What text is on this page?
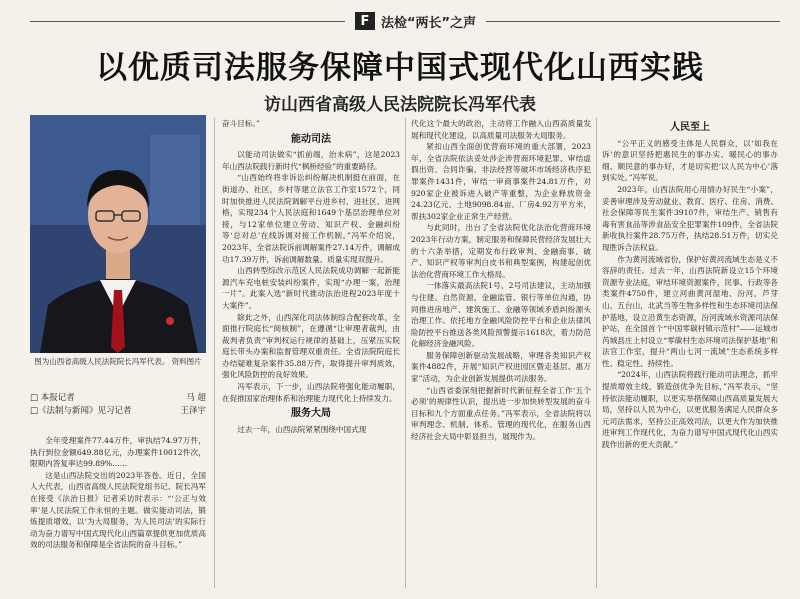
F 法检“两长”之声
以优质司法服务保障中国式现代化山西实践
访山西省高级人民法院院长冯军代表
图为山西省高级人民法院院长冯军代表。 资料图片
□ 本报记者	马 超
□《法制与新闻》见习记者	王泽宇

全年受理案件77.44万件，审执结74.97万件，执行到位金额649.88亿元，办理案件10012件次，限期内答复率达99.89%……

这是山西法院交出的2023年答卷。近日，全国人大代表，山西省高级人民法院党组书记、院长冯军在接受《法治日报》记者采访时表示：“‘公正与效率’是人民法院工作永恒的主题。做实能动司法，锻炼提质增效，以‘为大局服务，为人民司法’的实际行动为奋力谱写中国式现代化山西篇章提供更加优质高效的司法服务和保障是全省法院的奋斗目标。”

奋斗目标。”

能动司法

以能动司法做实“抓前端，治未病”，这是2023年山西法院践行新时代“枫桥经验”的重要路径。

“山西始终将非诉讼纠纷解决机制挺在前面，在街道办、社区，乡村等建立法官工作室1572个，同时加快推进人民法院调解平台进乡村、进社区、进网格，实现234个人民法庭和1649个基层治理单位对接，与12家单位建立劳动、知识产权、金融纠纷等‘总对总’在线诉调对接工作机制。”冯军介绍说，2023年，全省法院诉前调解案件27.14万件，调解成功17.39万件，诉前调解数量、质量实现双提升。

山西转型综改示范区人民法院成功调解一起新能源汽车充电桩安装纠纷案件，实现“办理一案，治理一片”。此案入选“新时代推动法治进程2023年度十大案件”。

除此之外，山西深化司法体制综合配套改革，全面推行院庭长“阅核制”，在遵循“让审理者裁判，由裁判者负责”审判权运行规律的基础上，压紧压实院庭长带头办案和监督管理双重责任。全省法院院庭长办结疑难复杂案件35.88万件，取得提升审判质效，强化风险防控的良好效果。

冯军表示，下一步，山西法院将强化能动履职，在促推国家治理体系和治理能力现代化上持续发力。

服务大局

过去一年，山西法院紧紧围绕中国式现

代化这个最大的政治，主动将工作融入山西高质量发展和现代化建设，以高质量司法服务大局服务。

紧扣山西全面创优营商环境的重大部署，2023年，全省法院依法妥处涉企涉营商环境犯罪、审结虚假出资、合同诈骗、非法经营等破坏市场经济秩序犯罪案件1431件，审结一审商事案件24.81万件，对920家企业被诉进入破产等重整，为企业释放资金24.23亿元、土地9098.84亩、厂房4.92万平方米，帮扶302家企业正常生产经营。

与此同时，出台了全省法院优化法治化营商环境2023年行动方案，制定服务和保障民营经济发展壮大的十六条举措，定期发布行政审判、金融商事、破产、知识产权等审判白皮书和典型案例，构建起创优法治化营商环境工作大格局。

一体落实最高法院1号、2号司法建议，主动加强与住建、自然资源、金融监管、银行等单位沟通，协同推进房地产、建筑施工、金融等领域矛盾纠纷源头治理工作。依托地方金融风险防控平台和企业法律风险防控平台推送各类风险预警提示1618次，着力防范化解经济金融风险。

服务保障创新驱动发展战略，审理各类知识产权案件4882件，开展“知识产权进园区暨走基层、惠万家”活动，为企业创新发展提供司法服务。

“山西省委深刻把握新时代新征程全省工作‘五个必须’的规律性认识，提出进一步加快转型发展的奋斗目标和九个方面重点任务。”冯军表示，全省法院将以审判理念、机制、体系、管理的现代化，在服务山西经济社会大局中彰显担当，展现作为。

人民至上

“公平正义的感受主体是人民群众，以‘如我在诉’的意识坚持把惠民生的事办实、暖民心的事办细、顺民意的事办好，才是切实把‘以人民为中心’落到实处。”冯军说。

2023年，山西法院用心用情办好民生“小案”，妥善审理涉及劳动就业、教育、医疗、住房、消费、社会保障等民生案件39107件，审结生产、销售有毒有害食品等涉食品安全犯罪案件109件，全省法院新收执行案件28.75万件，执结28.51万件，切实兑现胜诉合法权益。

作为黄河流域省份，保护好黄河流域生态是义不容辞的责任。过去一年，山西法院新设立15个环境资源专业法庭，审结环境资源案件，民事、行政等各类案件4750件，建立河曲黄河湿地、汾河，芦芽山、五台山，北武当等生物多样性和生态环境司法保护基地，设立沿黄生态资源，汾河流域水资源司法保护站，在全国首个“中国零碳村镇示范村”——运城市芮城县庄上村设立“零碳村生态环境司法保护基地”和法官工作室，提升“两山七河一流域”生态系统多样性、稳定性、持续性。

“2024年，山西法院将践行能动司法理念，抓牢提质增效主线，锻造创优争先目标，”冯军表示，“坚持依法能动履职，以更实举措保障山西高质量发展大局，坚持以人民为中心，以更优服务满足人民群众多元司法需求，坚持公正高效司法，以更大作为加快推进审判工作现代化，为奋力谱写中国式现代化山西实践作出新的更大贡献。”
